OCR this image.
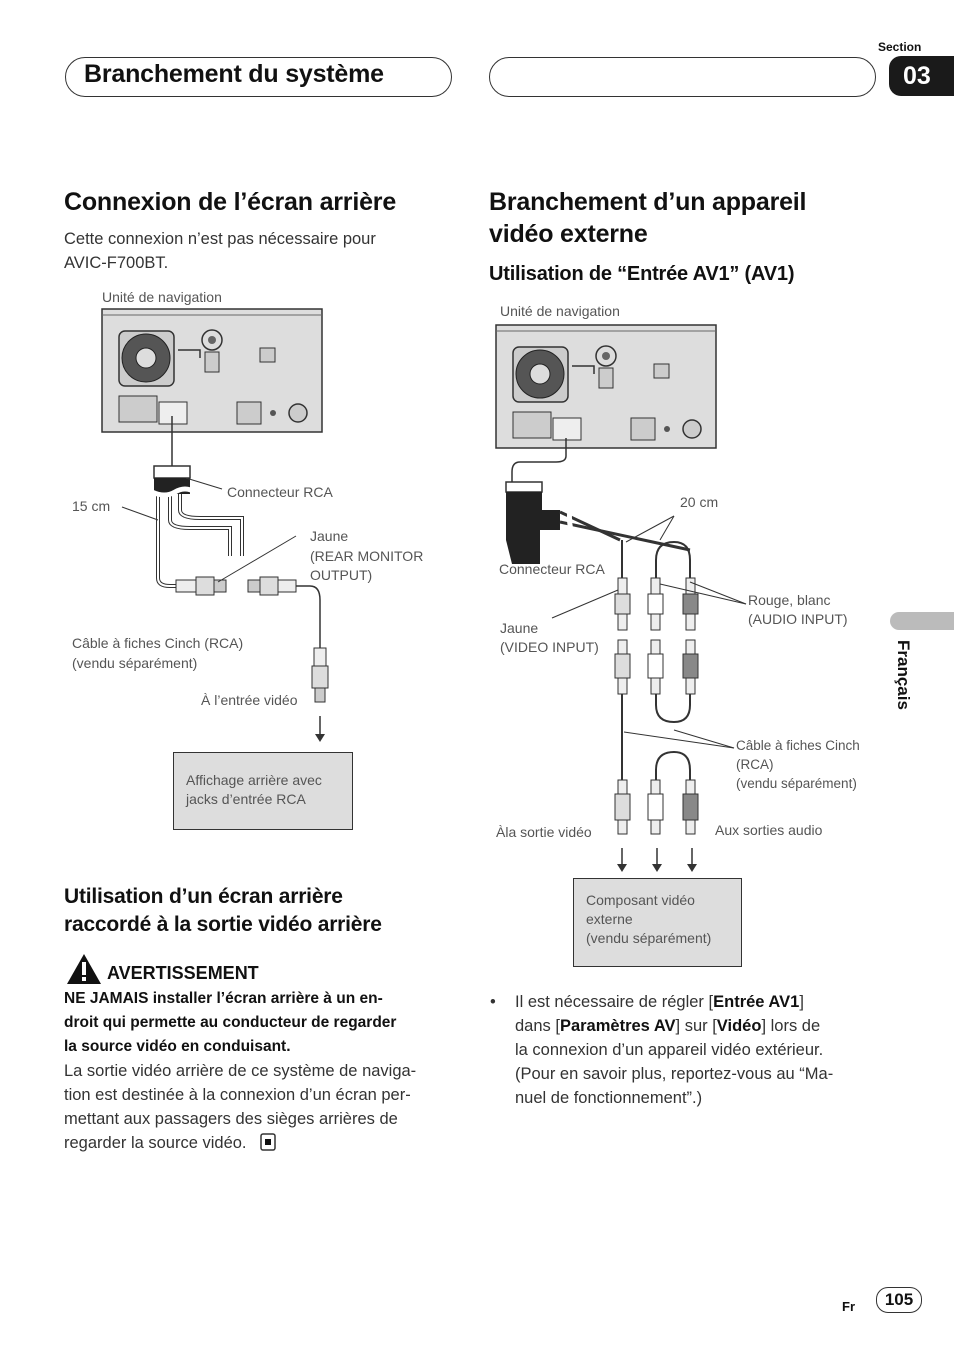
Branchement du système
Section
03
Connexion de l’écran arrière
Cette connexion n’est pas nécessaire pour
AVIC-F700BT.
Unité de navigation
15 cm
Connecteur RCA
Jaune
(REAR MONITOR
OUTPUT)
Câble à fiches Cinch (RCA)
(vendu séparément)
À l’entrée vidéo
Affichage arrière avec
jacks d’entrée RCA
Utilisation d’un écran arrière
raccordé à la sortie vidéo arrière
AVERTISSEMENT
NE JAMAIS installer l’écran arrière à un en-
droit qui permette au conducteur de regarder
la source vidéo en conduisant.
La sortie vidéo arrière de ce système de naviga-
tion est destinée à la connexion d’un écran per-
mettant aux passagers des sièges arrières de
regarder la source vidéo.
Branchement d’un appareil
vidéo externe
Utilisation de “Entrée AV1” (AV1)
Unité de navigation
20 cm
Connecteur RCA
Rouge, blanc
(AUDIO INPUT)
Jaune
(VIDEO INPUT)
Câble à fiches Cinch
(RCA)
(vendu séparément)
Àla sortie vidéo	Aux sorties audio
Composant vidéo
externe
(vendu séparément)
• Il est nécessaire de régler [Entrée AV1]
dans [Paramètres AV] sur [Vidéo] lors de
la connexion d’un appareil vidéo extérieur.
(Pour en savoir plus, reportez-vous au “Ma-
nuel de fonctionnement”.)
Français
Fr	105
